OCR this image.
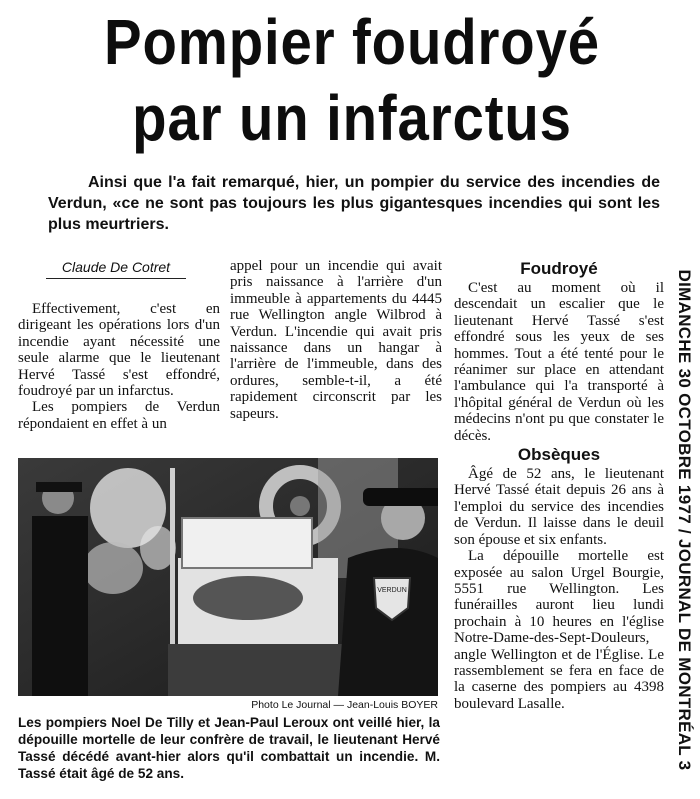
Pompier foudroyé
par un infarctus
Ainsi que l'a fait remarqué, hier, un pompier du service des incendies de Verdun, «ce ne sont pas toujours les plus gigantesques incendies qui sont les plus meurtriers.
Claude De Cotret

Effectivement, c'est en dirigeant les opérations lors d'un incendie ayant nécessité une seule alarme que le lieutenant Hervé Tassé s'est effondré, foudroyé par un infarctus.

Les pompiers de Verdun répondaient en effet à un

appel pour un incendie qui avait pris naissance à l'arrière d'un immeuble à appartements du 4445 rue Wellington angle Wilbrod à Verdun. L'incendie qui avait pris naissance dans un hangar à l'arrière de l'immeuble, dans des ordures, semble-t-il, a été rapidement circonscrit par les sapeurs.

Foudroyé

C'est au moment où il descendait un escalier que le lieutenant Hervé Tassé s'est effondré sous les yeux de ses hommes. Tout a été tenté pour le réanimer sur place en attendant l'ambulance qui l'a transporté à l'hôpital général de Verdun où les médecins n'ont pu que constater le décès.

Obsèques

Âgé de 52 ans, le lieutenant Hervé Tassé était depuis 26 ans à l'emploi du service des incendies de Verdun. Il laisse dans le deuil son épouse et six enfants.

La dépouille mortelle est exposée au salon Urgel Bourgie, 5551 rue Wellington. Les funérailles auront lieu lundi prochain à 10 heures en l'église Notre-Dame-des-Sept-Douleurs, angle Wellington et de l'Église. Le rassemblement se fera en face de la caserne des pompiers au 4398 boulevard Lasalle.

VERDUN
Photo Le Journal — Jean-Louis BOYER
Les pompiers Noel De Tilly et Jean-Paul Leroux ont veillé hier, la dépouille mortelle de leur confrère de travail, le lieutenant Hervé Tassé décédé avant-hier alors qu'il combattait un incendie. M. Tassé était âgé de 52 ans.
DIMANCHE 30 OCTOBRE 1977 / JOURNAL DE MONTRÉAL 3
